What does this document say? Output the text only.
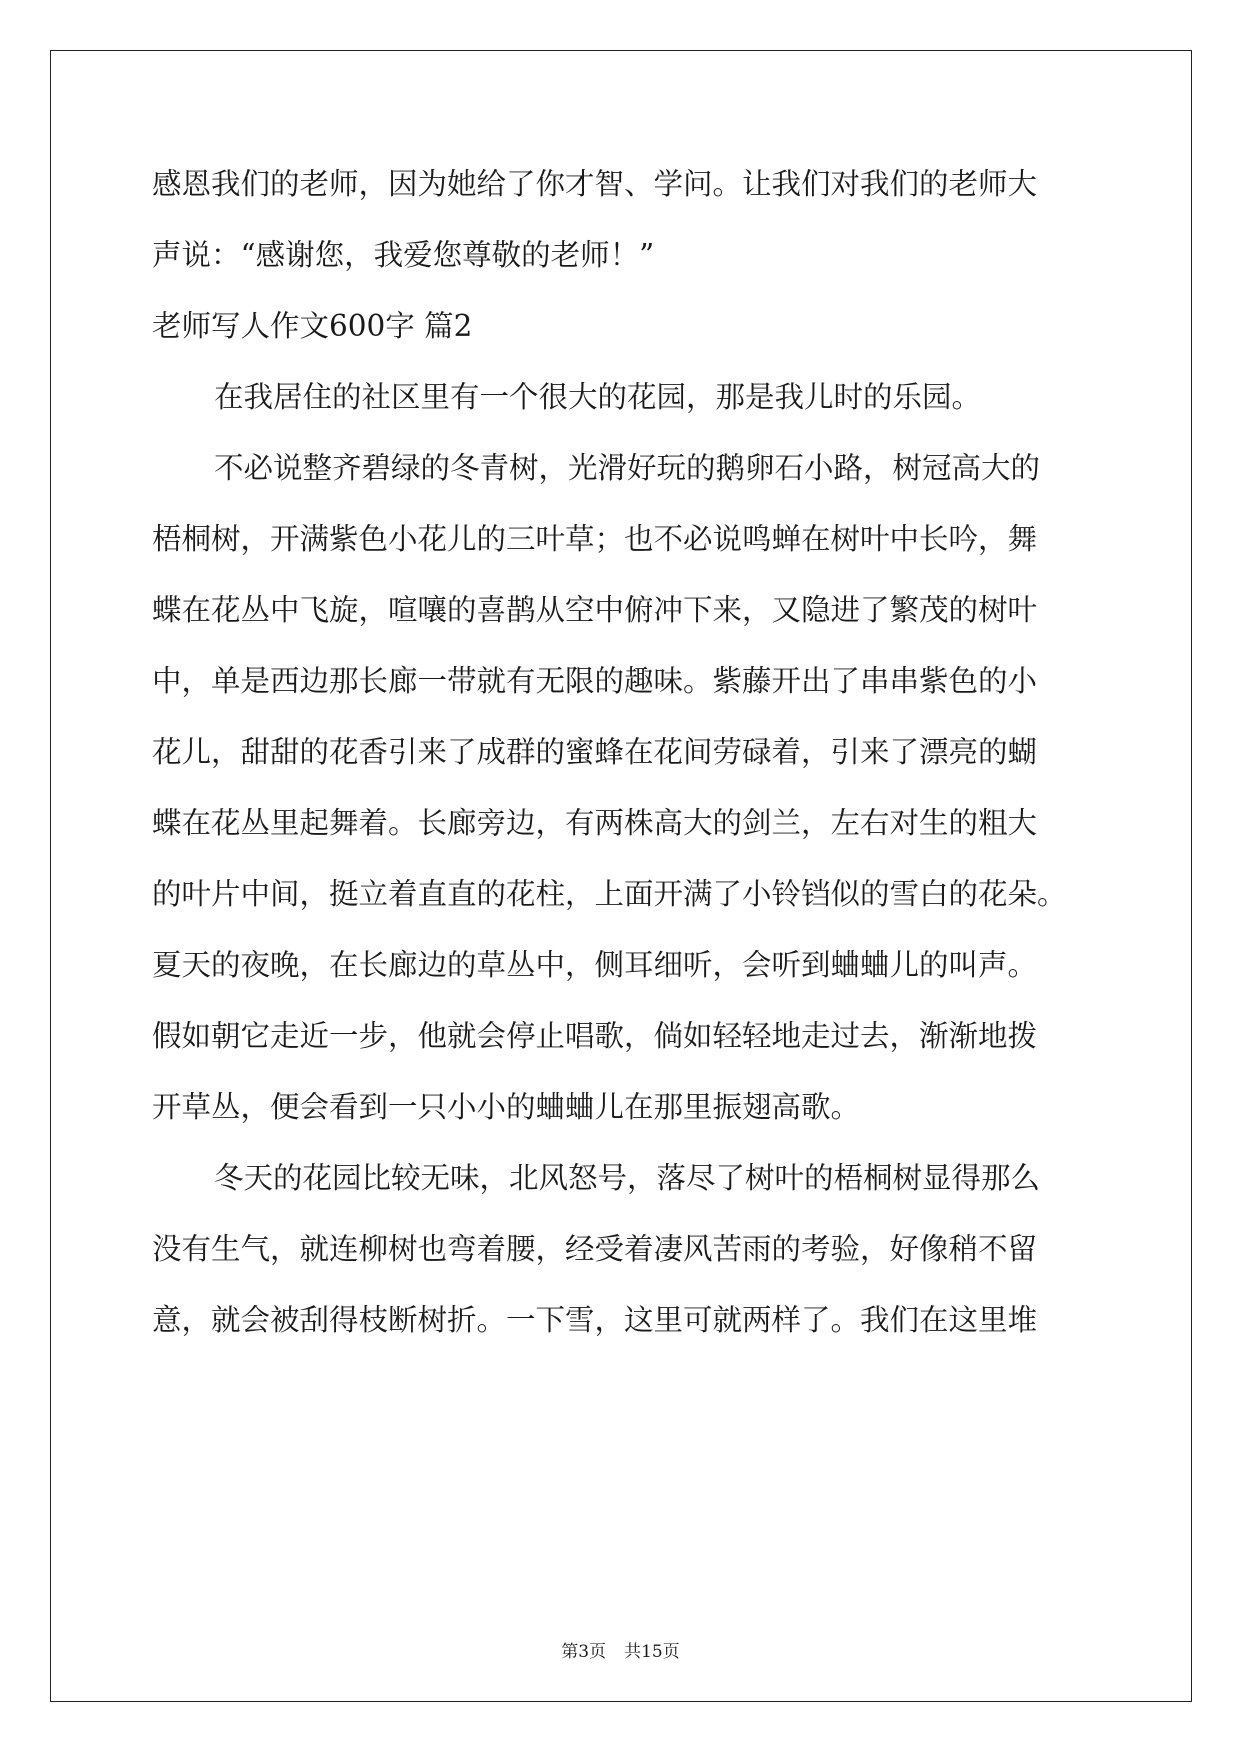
感恩我们的老师，因为她给了你才智、学问。让我们对我们的老师大

声说：“感谢您，我爱您尊敬的老师！”

老师写人作文600字 篇2

在我居住的社区里有一个很大的花园，那是我儿时的乐园。

不必说整齐碧绿的冬青树，光滑好玩的鹅卵石小路，树冠高大的

梧桐树，开满紫色小花儿的三叶草；也不必说鸣蝉在树叶中长吟，舞

蝶在花丛中飞旋，喧嚷的喜鹊从空中俯冲下来，又隐进了繁茂的树叶

中，单是西边那长廊一带就有无限的趣味。紫藤开出了串串紫色的小

花儿，甜甜的花香引来了成群的蜜蜂在花间劳碌着，引来了漂亮的蝴

蝶在花丛里起舞着。长廊旁边，有两株高大的剑兰，左右对生的粗大

的叶片中间，挺立着直直的花柱，上面开满了小铃铛似的雪白的花朵。

夏天的夜晚，在长廊边的草丛中，侧耳细听，会听到蛐蛐儿的叫声。

假如朝它走近一步，他就会停止唱歌，倘如轻轻地走过去，渐渐地拨

开草丛，便会看到一只小小的蛐蛐儿在那里振翅高歌。

冬天的花园比较无味，北风怒号，落尽了树叶的梧桐树显得那么

没有生气，就连柳树也弯着腰，经受着凄风苦雨的考验，好像稍不留

意，就会被刮得枝断树折。一下雪，这里可就两样了。我们在这里堆

第3页 共15页
